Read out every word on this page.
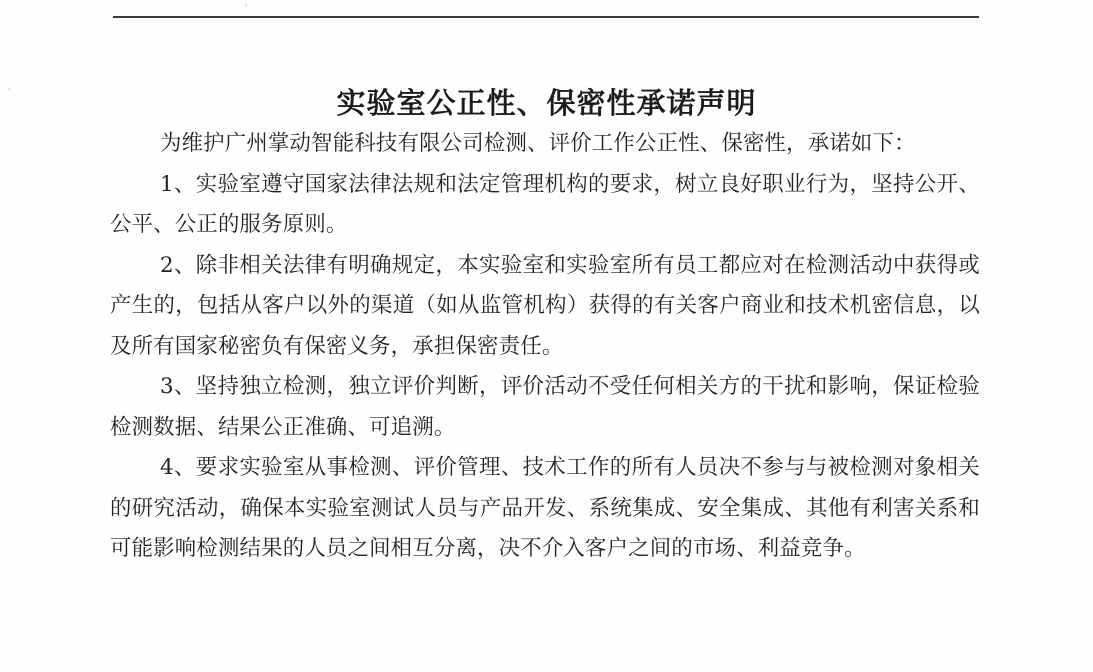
实验室公正性、保密性承诺声明

为维护广州掌动智能科技有限公司检测、评价工作公正性、保密性，承诺如下：

1、实验室遵守国家法律法规和法定管理机构的要求，树立良好职业行为，坚持公开、公平、公正的服务原则。

2、除非相关法律有明确规定，本实验室和实验室所有员工都应对在检测活动中获得或产生的，包括从客户以外的渠道（如从监管机构）获得的有关客户商业和技术机密信息，以及所有国家秘密负有保密义务，承担保密责任。

3、坚持独立检测，独立评价判断，评价活动不受任何相关方的干扰和影响，保证检验检测数据、结果公正准确、可追溯。

4、要求实验室从事检测、评价管理、技术工作的所有人员决不参与与被检测对象相关的研究活动，确保本实验室测试人员与产品开发、系统集成、安全集成、其他有利害关系和可能影响检测结果的人员之间相互分离，决不介入客户之间的市场、利益竞争。
